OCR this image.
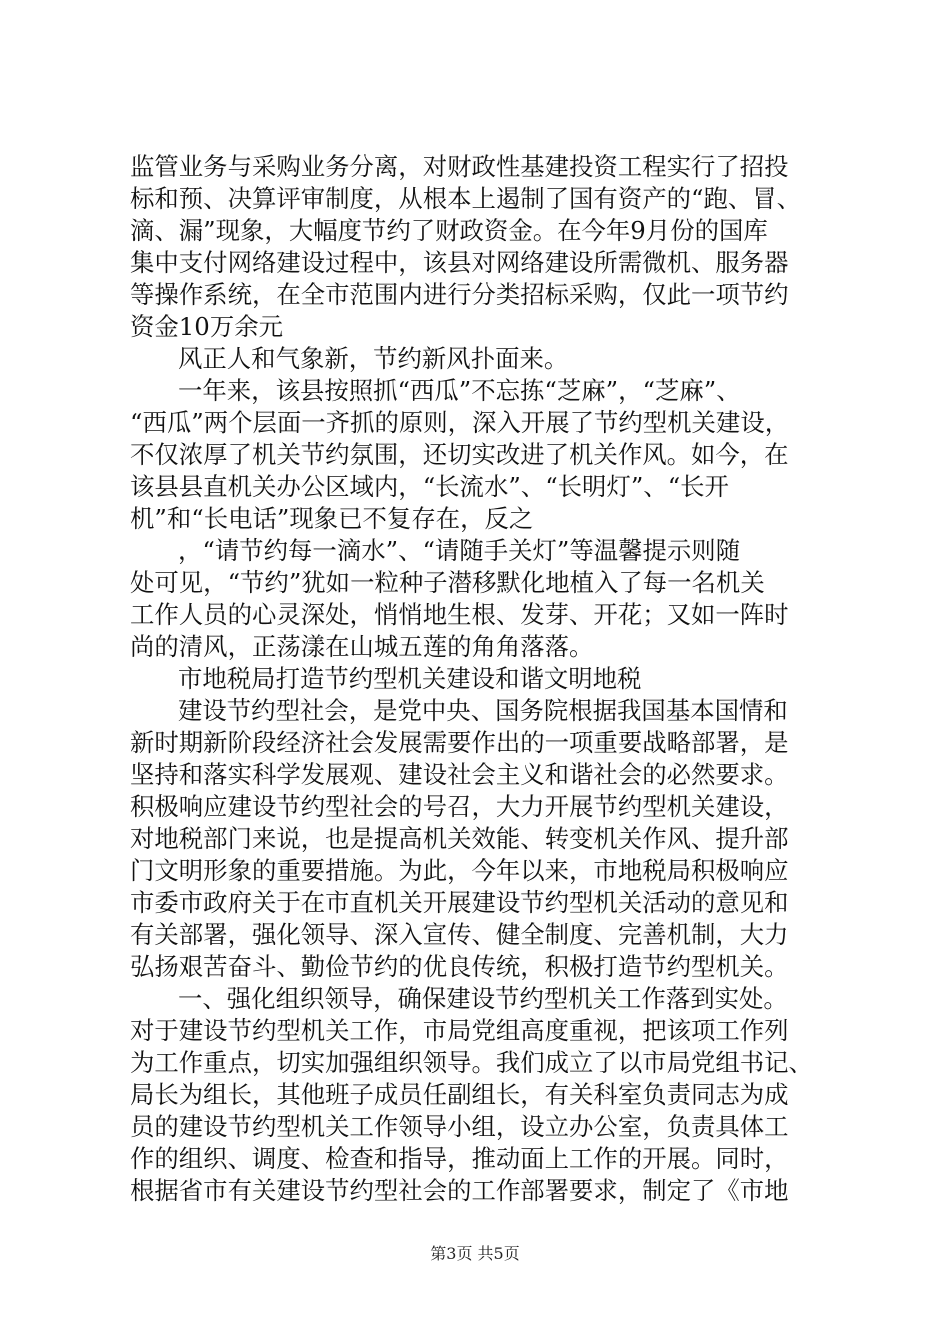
监管业务与采购业务分离，对财政性基建投资工程实行了招投
标和预、决算评审制度，从根本上遏制了国有资产的“跑、冒、
滴、漏”现象，大幅度节约了财政资金。在今年9月份的国库
集中支付网络建设过程中，该县对网络建设所需微机、服务器
等操作系统，在全市范围内进行分类招标采购，仅此一项节约
资金10万余元
风正人和气象新，节约新风扑面来。
一年来，该县按照抓“西瓜”不忘拣“芝麻”，“芝麻”、
“西瓜”两个层面一齐抓的原则，深入开展了节约型机关建设，
不仅浓厚了机关节约氛围，还切实改进了机关作风。如今，在
该县县直机关办公区域内，“长流水”、“长明灯”、“长开
机”和“长电话”现象已不复存在，反之
，“请节约每一滴水”、“请随手关灯”等温馨提示则随
处可见，“节约”犹如一粒种子潜移默化地植入了每一名机关
工作人员的心灵深处，悄悄地生根、发芽、开花；又如一阵时
尚的清风，正荡漾在山城五莲的角角落落。
市地税局打造节约型机关建设和谐文明地税
建设节约型社会，是党中央、国务院根据我国基本国情和
新时期新阶段经济社会发展需要作出的一项重要战略部署，是
坚持和落实科学发展观、建设社会主义和谐社会的必然要求。
积极响应建设节约型社会的号召，大力开展节约型机关建设，
对地税部门来说，也是提高机关效能、转变机关作风、提升部
门文明形象的重要措施。为此，今年以来，市地税局积极响应
市委市政府关于在市直机关开展建设节约型机关活动的意见和
有关部署，强化领导、深入宣传、健全制度、完善机制，大力
弘扬艰苦奋斗、勤俭节约的优良传统，积极打造节约型机关。
一、强化组织领导，确保建设节约型机关工作落到实处。
对于建设节约型机关工作，市局党组高度重视，把该项工作列
为工作重点，切实加强组织领导。我们成立了以市局党组书记、
局长为组长，其他班子成员任副组长，有关科室负责同志为成
员的建设节约型机关工作领导小组，设立办公室，负责具体工
作的组织、调度、检查和指导，推动面上工作的开展。同时，
根据省市有关建设节约型社会的工作部署要求，制定了《市地
第3页 共5页
